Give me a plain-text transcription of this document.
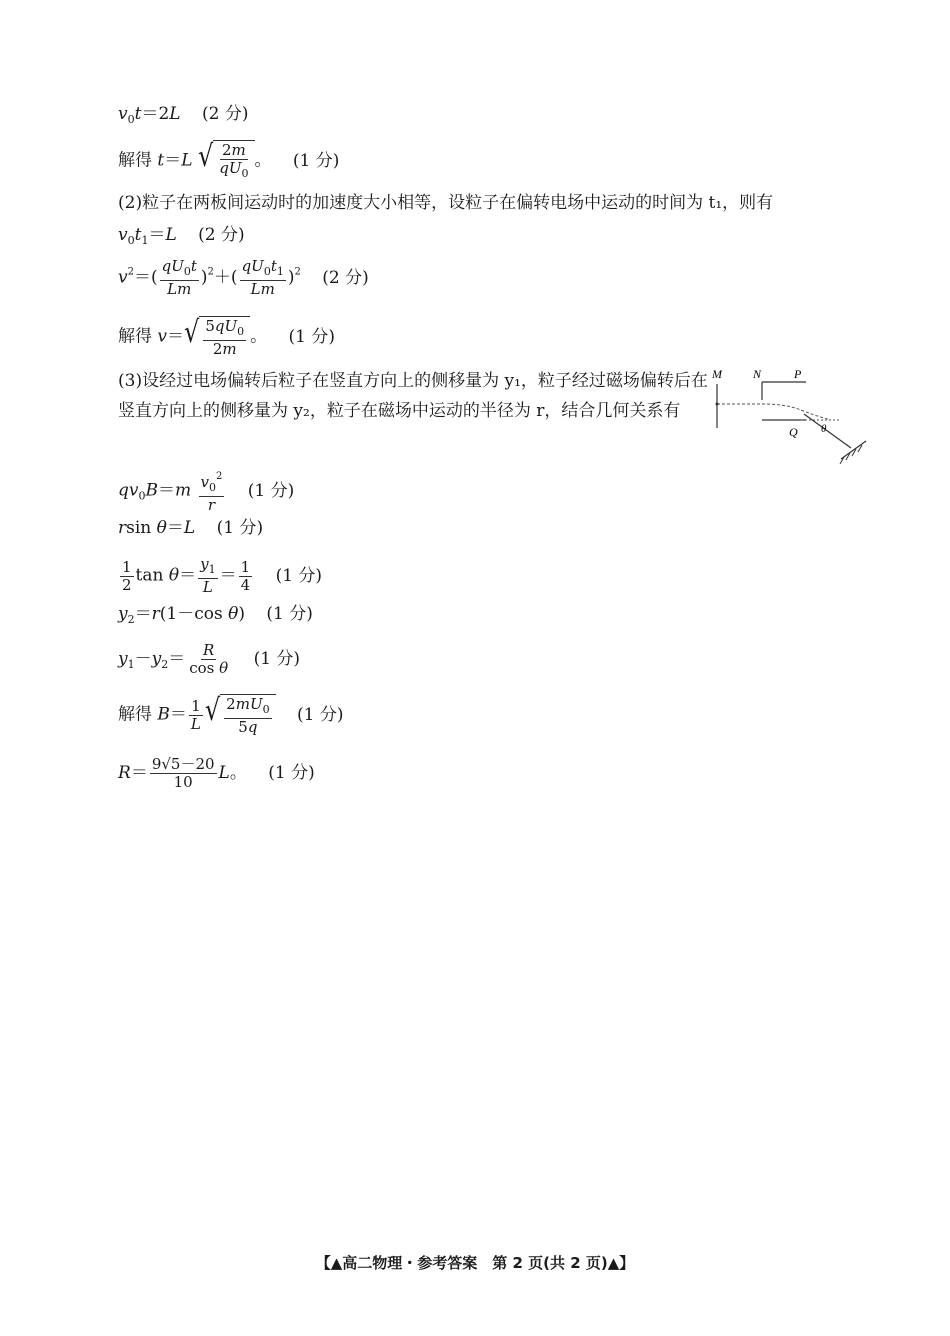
$v_0t=2L$ (2 分)
解得 t＝L √ $\frac{2m}{qU_0}$ 。 (1 分)
(2)粒子在两板间运动时的加速度大小相等，设粒子在偏转电场中运动的时间为 t₁，则有
$v_0t_1=L$ (2 分)
$v^2=( \frac{qU_0t}{Lm} )^2+( \frac{qU_0t_1}{Lm} )^2$ (2 分)
解得 v＝ √ $\frac{5qU_0}{2m}$ 。 (1 分)
(3)设经过电场偏转后粒子在竖直方向上的侧移量为 y₁，粒子经过磁场偏转后在竖直方向上的侧移量为 y₂，粒子在磁场中运动的半径为 r，结合几何关系有
M	N	P
Q θ
$qv_0B=m \frac{v_0^2}{r} (1$ 分)
rsin θ＝L (1 分)
$\frac{1}{2}$ $\tan \theta= \frac{y_1}{L} = \frac{1}{4} (1$ 分)
$y_2=r(1-\cos$ θ) (1 分)
$y_1-y_2= \frac{R}{\text{cos θ}} (1$ 分)
解得 $B= \frac{1}{L}$ √ $\frac{2mU_0}{5q} (1$ 分)
$R= \frac{9√5-20}{10}$ L。 (1 分)
【▲高二物理・参考答案　第 2 页(共 2 页)▲】
